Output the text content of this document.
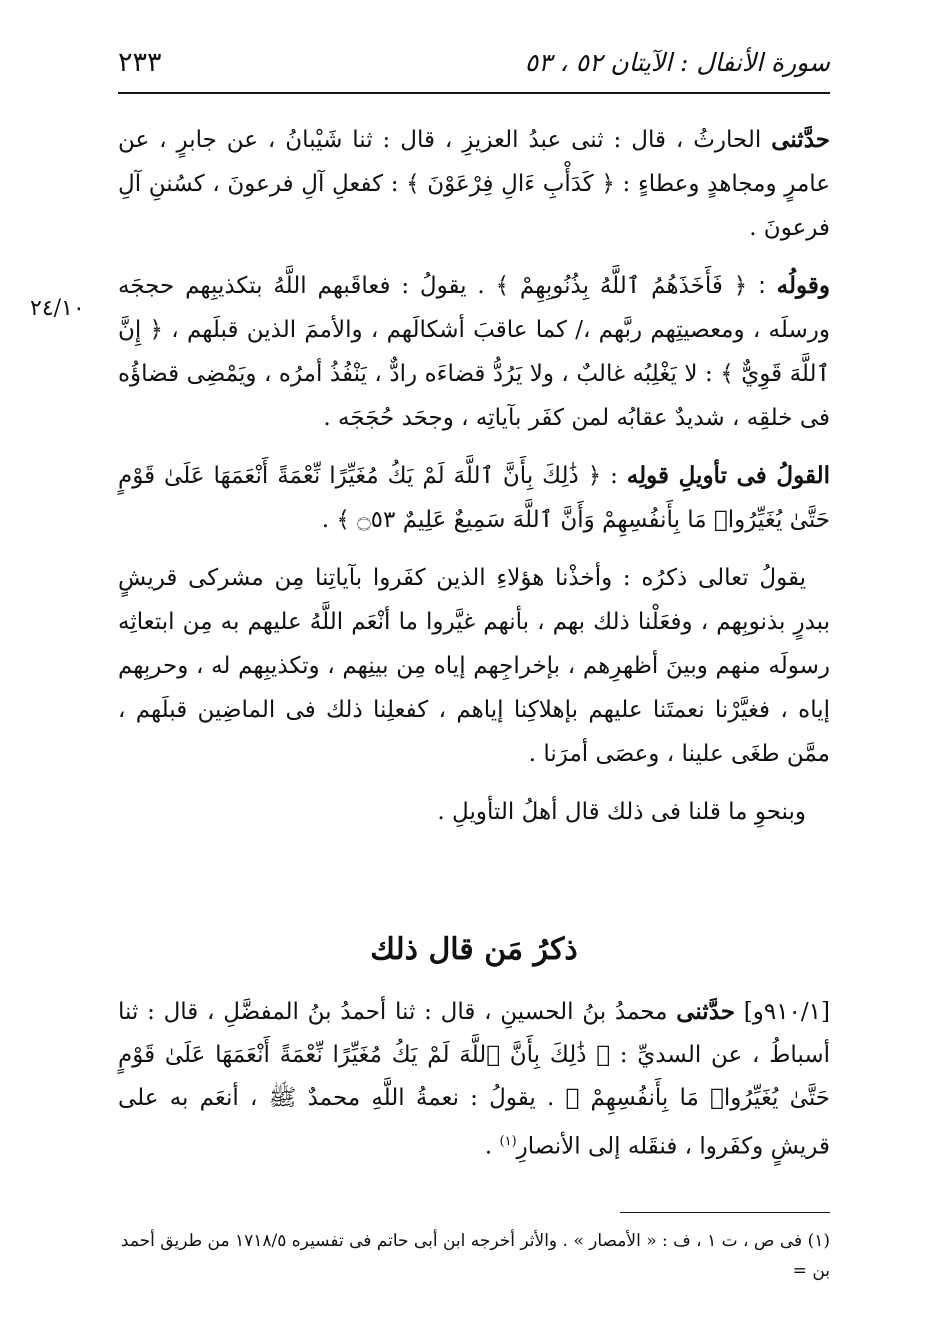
سورة الأنفال : الآيتان ٥٢ ، ٥٣
٢٣٣
٢٤/١٠

حدَّثنى الحارثُ ، قال : ثنى عبدُ العزيزِ ، قال : ثنا شَيْبانُ ، عن جابرٍ ، عن عامرٍ ومجاهدٍ وعطاءٍ : ﴿ كَدَأْبِ ءَالِ فِرْعَوْنَ ﴾ : كفعلِ آلِ فرعونَ ، كسُننِ آلِ فرعونَ .

وقولُه : ﴿ فَأَخَذَهُمُ ٱللَّهُ بِذُنُوبِهِمْ ﴾ . يقولُ : فعاقَبهم اللَّهُ بتكذيبِهم حججَه ورسلَه ، ومعصيتِهم ربَّهم ،/ كما عاقبَ أشكالَهم ، والأممَ الذين قبلَهم ، ﴿ إِنَّ ٱللَّهَ قَوِيٌّ ﴾ : لا يَغْلِبُه غالبٌ ، ولا يَرُدُّ قضاءَه رادٌّ ، يَنْفُذُ أمرُه ، ويَمْضِى قضاؤُه فى خلقِه ، شديدٌ عقابُه لمن كفَر بآياتِه ، وجحَد حُجَجَه .

القولُ فى تأويلِ قولِه : ﴿ ذَٰلِكَ بِأَنَّ ٱللَّهَ لَمْ يَكُ مُغَيِّرًا نِّعْمَةً أَنْعَمَهَا عَلَىٰ قَوْمٍ حَتَّىٰ يُغَيِّرُوا۟ مَا بِأَنفُسِهِمْ وَأَنَّ ٱللَّهَ سَمِيعٌ عَلِيمٌ ۝٥٣ ﴾ .

يقولُ تعالى ذكرُه : وأخذْنا هؤلاءِ الذين كفَروا بآياتِنا مِن مشركى قريشٍ ببدرٍ بذنوبِهم ، وفعَلْنا ذلك بهم ، بأنهم غيَّروا ما أنْعَم اللَّهُ عليهم به مِن ابتعاثِه رسولَه منهم وبينَ أظهرِهم ، بإخراجِهم إياه مِن بينِهم ، وتكذيبِهم له ، وحربِهم إياه ، فغيَّرْنا نعمتَنا عليهم بإهلاكِنا إياهم ، كفعلِنا ذلك فى الماضِين قبلَهم ، ممَّن طغَى علينا ، وعصَى أمرَنا .

وبنحوِ ما قلنا فى ذلك قال أهلُ التأويلِ .

ذكرُ مَن قال ذلك

[٩١٠/١و] حدَّثنى محمدُ بنُ الحسينِ ، قال : ثنا أحمدُ بنُ المفضَّلِ ، قال : ثنا أسباطُ ، عن السديِّ : ﴿ ذَٰلِكَ بِأَنَّ ٱللَّهَ لَمْ يَكُ مُغَيِّرًا نِّعْمَةً أَنْعَمَهَا عَلَىٰ قَوْمٍ حَتَّىٰ يُغَيِّرُوا۟ مَا بِأَنفُسِهِمْ ﴾ . يقولُ : نعمةُ اللَّهِ محمدٌ ﷺ ، أنعَم به على قريشٍ وكفَروا ، فنقَله إلى الأنصارِ$^{(١)}$ .

(١) فى ص ، ت ١ ، ف : « الأمصار » . والأثر أخرجه ابن أبى حاتم فى تفسيره ١٧١٨/٥ من طريق أحمد بن =
